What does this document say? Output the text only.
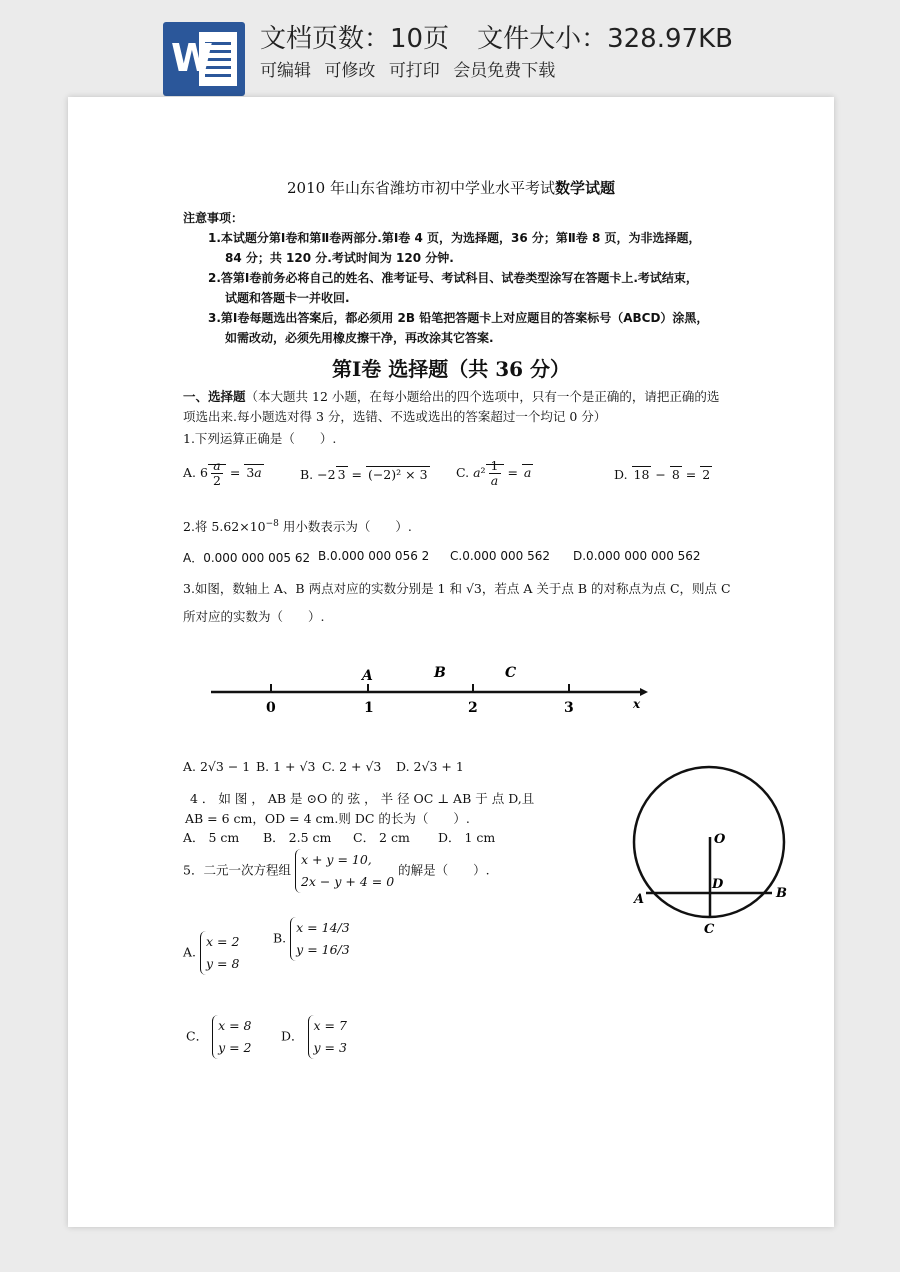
W 文档页数：10页 文件大小：328.97KB
可编辑 可修改 可打印 会员免费下载
2010 年山东省潍坊市初中学业水平考试数学试题
注意事项：
1.本试题分第Ⅰ卷和第Ⅱ卷两部分.第Ⅰ卷 4 页，为选择题，36 分；第Ⅱ卷 8 页，为非选择题，
84 分；共 120 分.考试时间为 120 分钟.
2.答第Ⅰ卷前务必将自己的姓名、准考证号、考试科目、试卷类型涂写在答题卡上.考试结束，
试题和答题卡一并收回.
3.第Ⅰ卷每题选出答案后，都必须用 2B 铅笔把答题卡上对应题目的答案标号（ABCD）涂黑，
如需改动，必须先用橡皮擦干净，再改涂其它答案.
第Ⅰ卷 选择题（共 36 分）
一、选择题（本大题共 12 小题，在每小题给出的四个选项中，只有一个是正确的，请把正确的选
项选出来.每小题选对得 3 分，选错、不选或选出的答案超过一个均记 0 分）
1.下列运算正确是（　　）.
A. $6 \frac{a}{2} = 3a$	B. −2 3 = (−2)² × 3 C. $a^2 \frac{1}{a} = a$	D. 18 − 8 = 2
2.将 $5.62\times 10^{-8}$ 用小数表示为（　　）.
A．0.000 000 005 62 B.0.000 000 056 2 C.0.000 000 562 D.0.000 000 000 562
3.如图，数轴上 A、B 两点对应的实数分别是 1 和 √3，若点 A 关于点 B 的对称点为点 C，则点 C
所对应的实数为（　　）.
0	1	2	3
A	B	C
x
A. 2√3 − 1 B. 1 + √3 C. 2 + √3 D. 2√3 + 1
4 ． 如 图 ， AB 是 ⊙O 的 弦 ， 半 径 OC ⊥ AB 于 点 D,且
AB = 6 cm，OD = 4 cm.则 DC 的长为（　　）.
A． 5 cm B． 2.5 cm C． 2 cm D． 1 cm	O
D
A	B
C
5．二元一次方程组 x + y = 10,
2x − y + 4 = 0 的解是（　　）.
A. x = 2
y = 8
B. x = 14/3
y = 16/3
C． x = 8
y = 2
D． x = 7
y = 3
